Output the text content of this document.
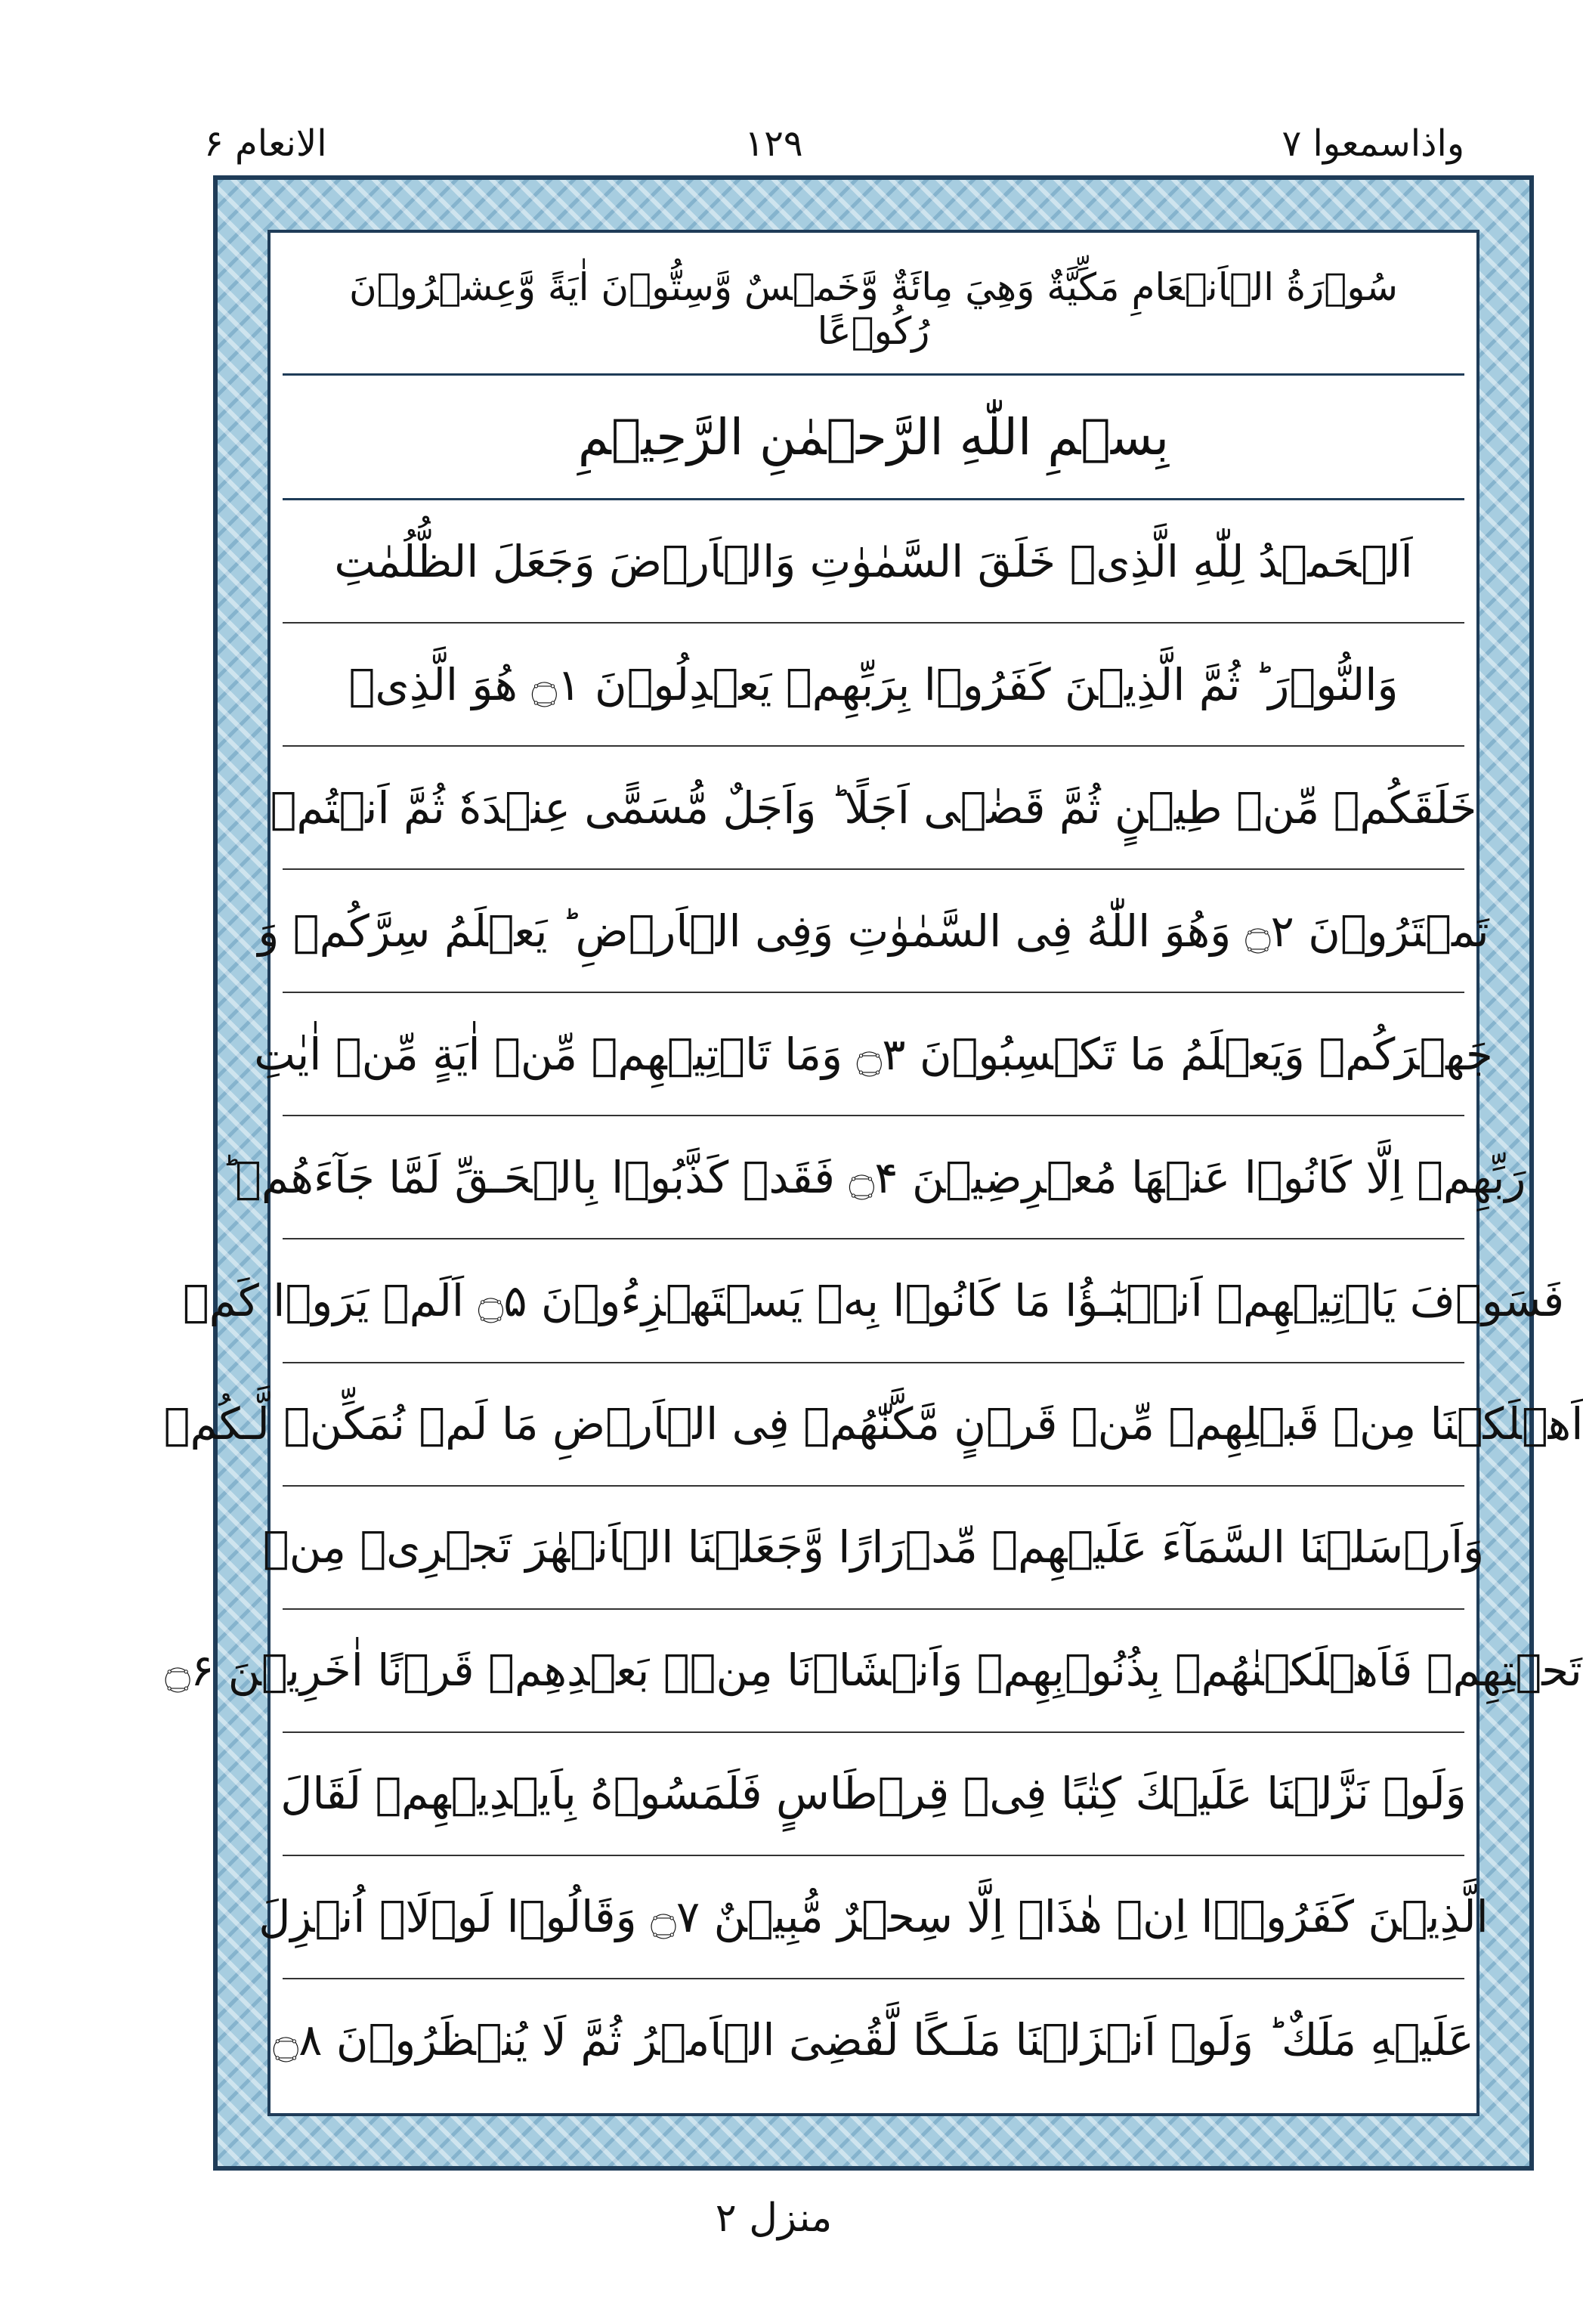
واذاسمعوا ۷
۱۲۹
الانعام ۶
سُوۡرَةُ الۡاَنۡعَامِ مَكِّيَّةٌ وَهِيَ مِائَةٌ وَّخَمۡسٌ وَّسِتُّوۡنَ اٰيَةً وَّعِشۡرُوۡنَ رُكُوۡعًا
بِسۡمِ اللّٰهِ الرَّحۡمٰنِ الرَّحِيۡمِ
اَلۡحَمۡدُ لِلّٰهِ الَّذِىۡ خَلَقَ السَّمٰوٰتِ وَالۡاَرۡضَ وَجَعَلَ الظُّلُمٰتِ
وَالنُّوۡرَ ؕ ثُمَّ الَّذِيۡنَ كَفَرُوۡا بِرَبِّهِمۡ يَعۡدِلُوۡنَ ۝۱ هُوَ الَّذِىۡ
خَلَقَكُمۡ مِّنۡ طِيۡنٍ ثُمَّ قَضٰۤى اَجَلًا ؕ وَاَجَلٌ مُّسَمًّى عِنۡدَهٗ ثُمَّ اَنۡتُمۡ
تَمۡتَرُوۡنَ ۝۲ وَهُوَ اللّٰهُ فِى السَّمٰوٰتِ وَفِى الۡاَرۡضِ ؕ يَعۡلَمُ سِرَّكُمۡ وَ
جَهۡرَكُمۡ وَيَعۡلَمُ مَا تَكۡسِبُوۡنَ ۝۳ وَمَا تَاۡتِيۡهِمۡ مِّنۡ اٰيَةٍ مِّنۡ اٰيٰتِ
رَبِّهِمۡ اِلَّا كَانُوۡا عَنۡهَا مُعۡرِضِيۡنَ ۝۴ فَقَدۡ كَذَّبُوۡا بِالۡحَـقِّ لَمَّا جَآءَهُمۡ ؕ
فَسَوۡفَ يَاۡتِيۡهِمۡ اَنۡۢبٰٓـؤُا مَا كَانُوۡا بِهٖ يَسۡتَهۡزِءُوۡنَ ۝۵ اَلَمۡ يَرَوۡا كَمۡ
اَهۡلَكۡنَا مِنۡ قَبۡلِهِمۡ مِّنۡ قَرۡنٍ مَّكَّنّٰهُمۡ فِى الۡاَرۡضِ مَا لَمۡ نُمَكِّنۡ لَّـكُمۡ
وَاَرۡسَلۡنَا السَّمَآءَ عَلَيۡهِمۡ مِّدۡرَارًا وَّجَعَلۡنَا الۡاَنۡهٰرَ تَجۡرِىۡ مِنۡ
تَحۡتِهِمۡ فَاَهۡلَكۡنٰهُمۡ بِذُنُوۡبِهِمۡ وَاَنۡشَاۡنَا مِنۡۢ بَعۡدِهِمۡ قَرۡنًا اٰخَرِيۡنَ ۝۶
وَلَوۡ نَزَّلۡنَا عَلَيۡكَ كِتٰبًا فِىۡ قِرۡطَاسٍ فَلَمَسُوۡهُ بِاَيۡدِيۡهِمۡ لَقَالَ
الَّذِيۡنَ كَفَرُوۡۤا اِنۡ هٰذَاۤ اِلَّا سِحۡرٌ مُّبِيۡنٌ ۝۷ وَقَالُوۡا لَوۡلَاۤ اُنۡزِلَ
عَلَيۡهِ مَلَكٌ ؕ وَلَوۡ اَنۡزَلۡنَا مَلَـكًا لَّقُضِىَ الۡاَمۡرُ ثُمَّ لَا يُنۡظَرُوۡنَ ۝۸
منزل ۲
